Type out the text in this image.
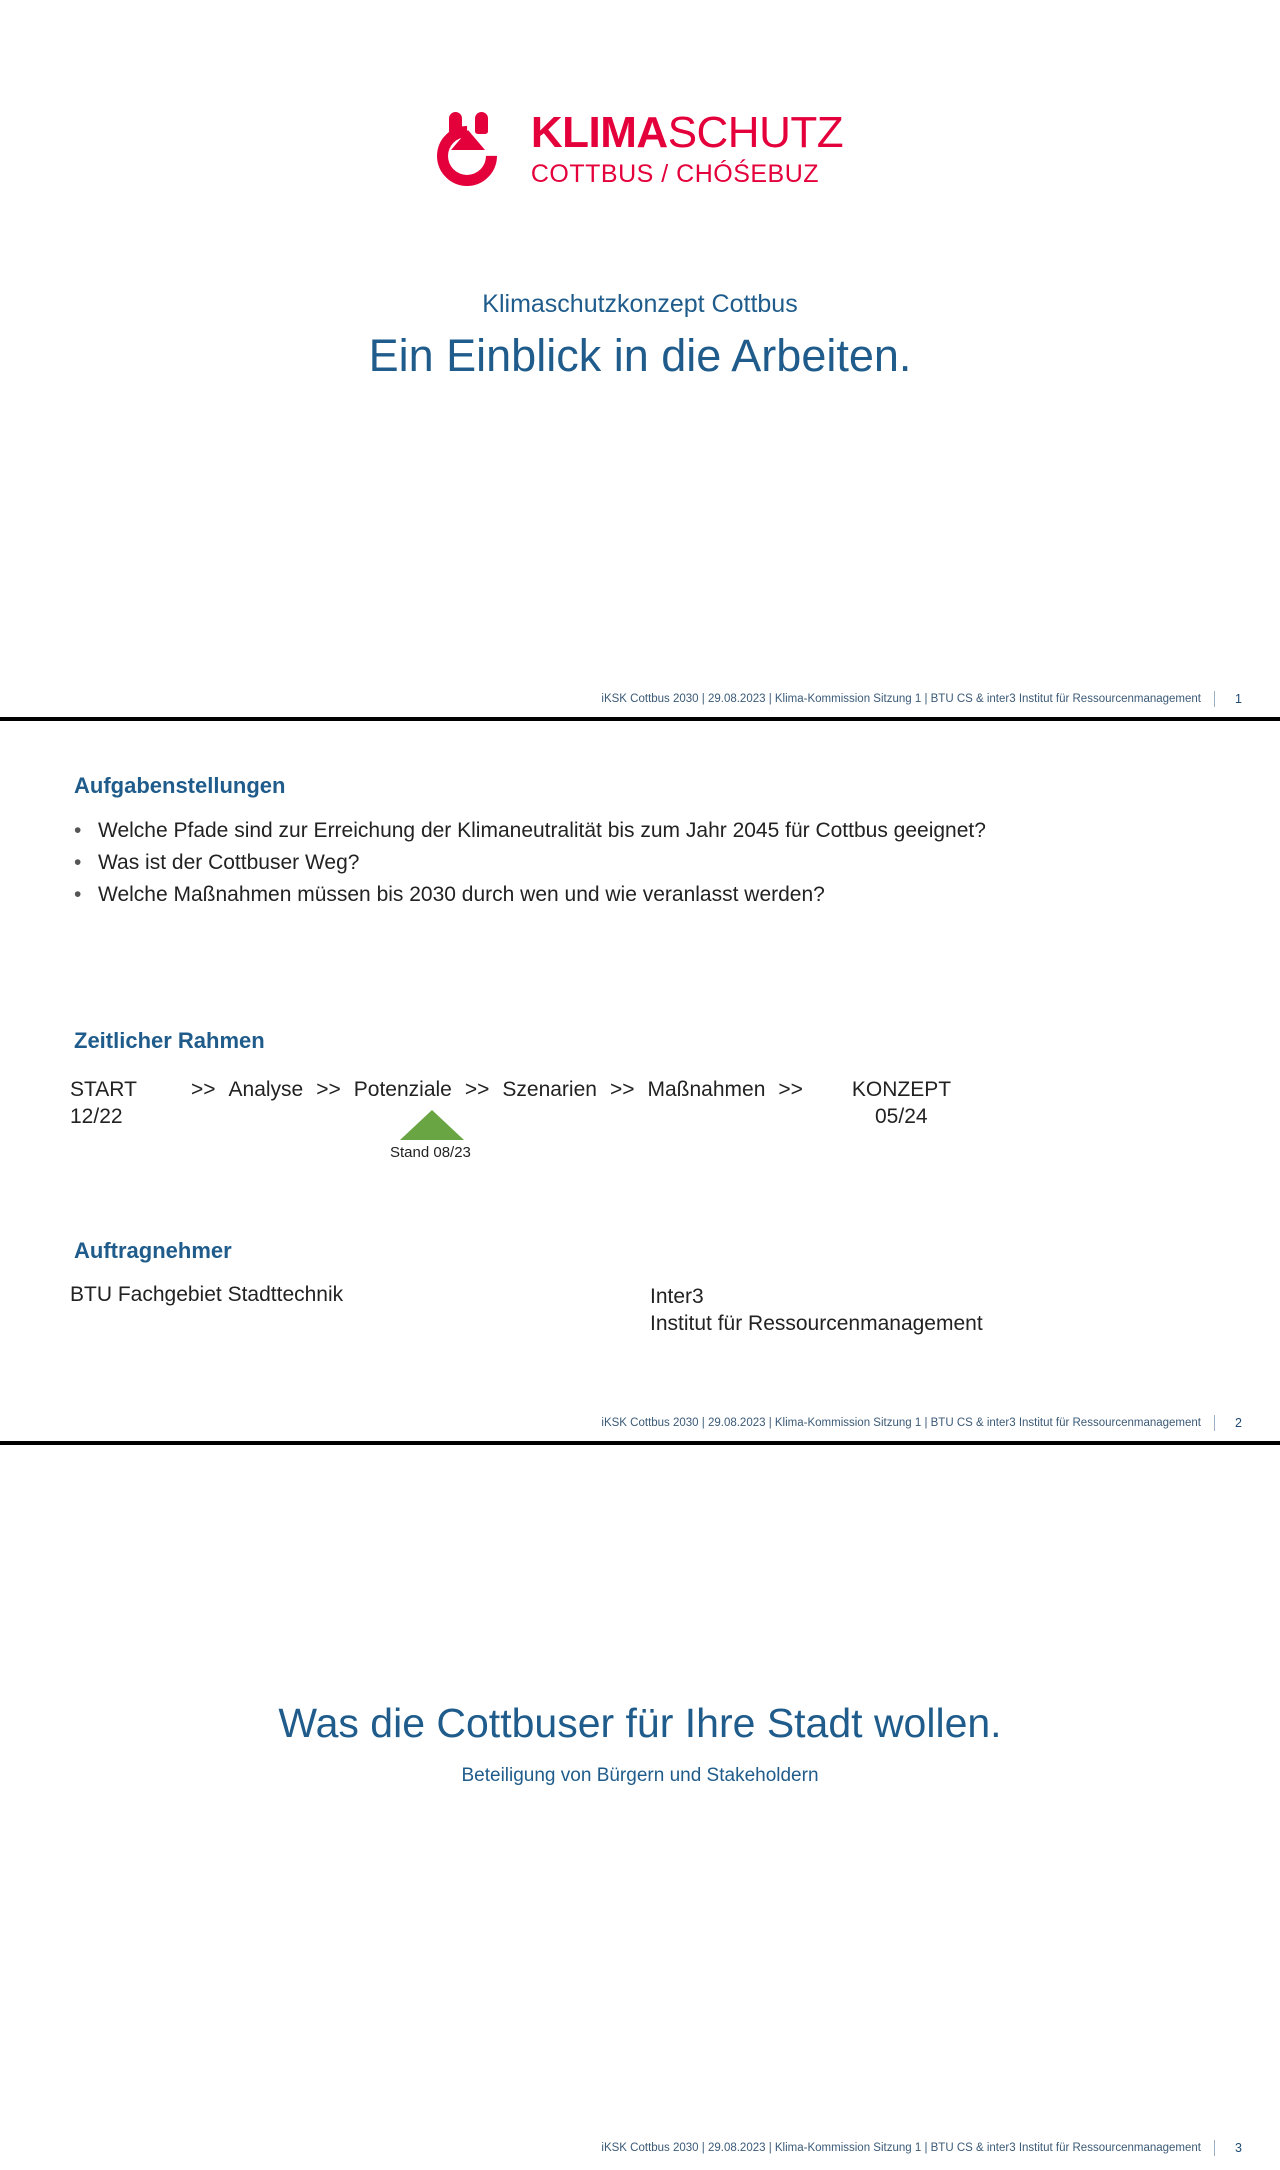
KLIMASCHUTZ
COTTBUS / CHÓŚEBUZ
Klimaschutzkonzept Cottbus
Ein Einblick in die Arbeiten.
iKSK Cottbus 2030 | 29.08.2023 | Klima-Kommission Sitzung 1 | BTU CS & inter3 Institut für Ressourcenmanagement	1
Aufgabenstellungen
• Welche Pfade sind zur Erreichung der Klimaneutralität bis zum Jahr 2045 für Cottbus geeignet?
• Was ist der Cottbuser Weg?
• Welche Maßnahmen müssen bis 2030 durch wen und wie veranlasst werden?
Zeitlicher Rahmen
START	>> Analyse >> Potenziale >> Szenarien >> Maßnahmen >>	KONZEPT
12/22	05/24
Stand 08/23
Auftragnehmer
BTU Fachgebiet Stadttechnik	Inter3
Institut für Ressourcenmanagement
iKSK Cottbus 2030 | 29.08.2023 | Klima-Kommission Sitzung 1 | BTU CS & inter3 Institut für Ressourcenmanagement	2
Was die Cottbuser für Ihre Stadt wollen.
Beteiligung von Bürgern und Stakeholdern
iKSK Cottbus 2030 | 29.08.2023 | Klima-Kommission Sitzung 1 | BTU CS & inter3 Institut für Ressourcenmanagement	3
